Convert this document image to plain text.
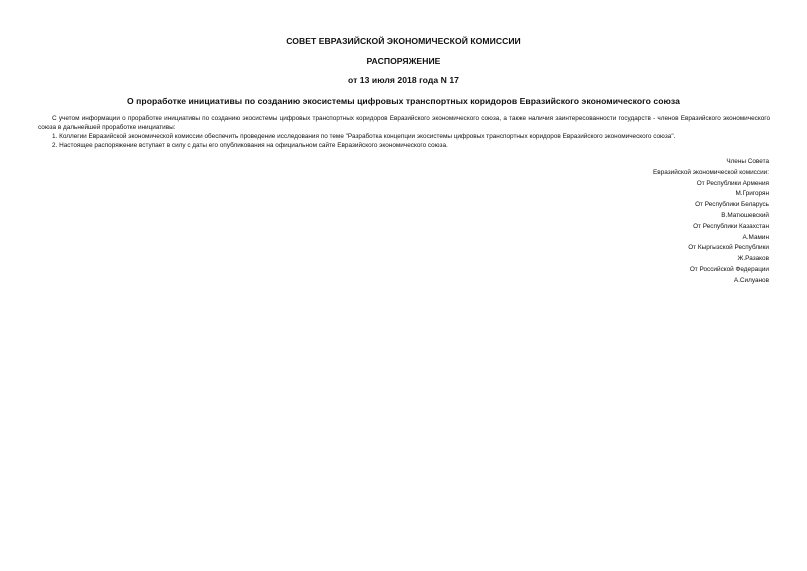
СОВЕТ ЕВРАЗИЙСКОЙ ЭКОНОМИЧЕСКОЙ КОМИССИИ
РАСПОРЯЖЕНИЕ
от 13 июля 2018 года N 17
О проработке инициативы по созданию экосистемы цифровых транспортных коридоров Евразийского экономического союза

С учетом информации о проработке инициативы по созданию экосистемы цифровых транспортных коридоров Евразийского экономического союза, а также наличия заинтересованности государств - членов Евразийского экономического союза в дальнейшей проработке инициативы:

1. Коллегии Евразийской экономической комиссии обеспечить проведение исследования по теме "Разработка концепции экосистемы цифровых транспортных коридоров Евразийского экономического союза".

2. Настоящее распоряжение вступает в силу с даты его опубликования на официальном сайте Евразийского экономического союза.

Члены Совета
Евразийской экономической комиссии:
От Республики Армения
М.Григорян
От Республики Беларусь
В.Матюшевский
От Республики Казахстан
А.Мамин
От Кыргызской Республики
Ж.Разаков
От Российской Федерации
А.Силуанов
